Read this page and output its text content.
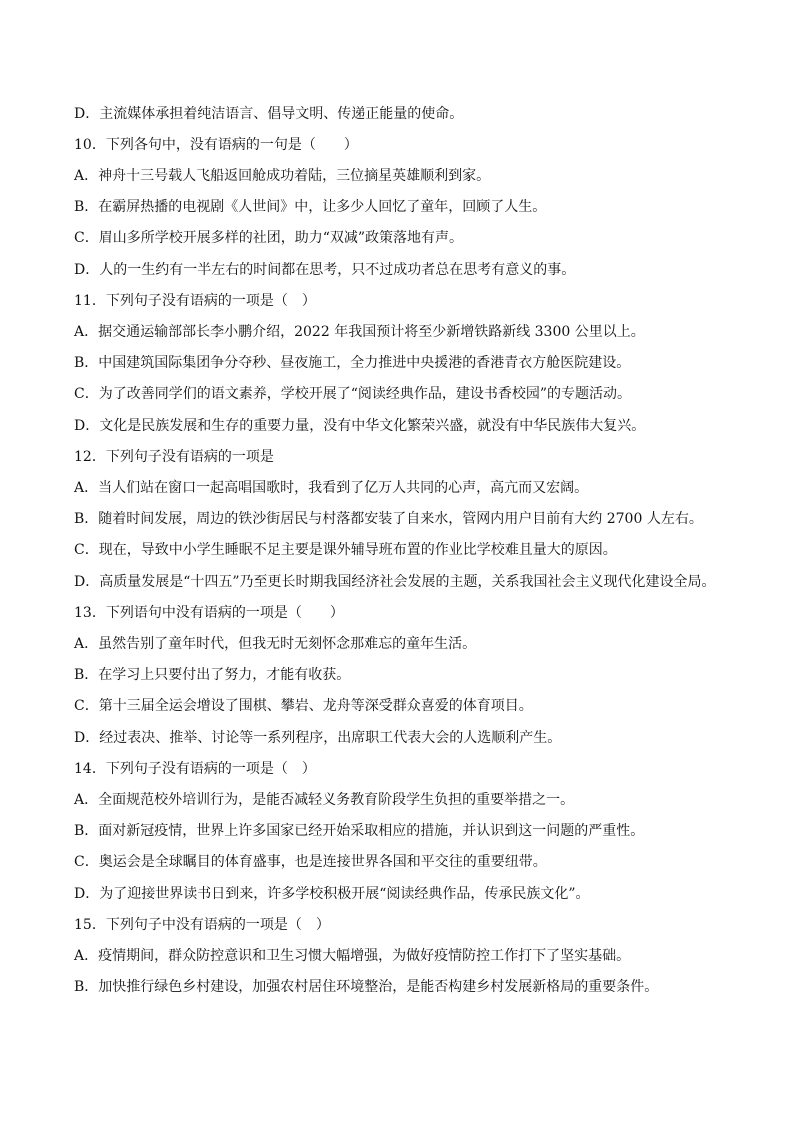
D．主流媒体承担着纯洁语言、倡导文明、传递正能量的使命。
10．下列各句中，没有语病的一句是（　　）
A．神舟十三号载人飞船返回舱成功着陆，三位摘星英雄顺利到家。
B．在霸屏热播的电视剧《人世间》中，让多少人回忆了童年，回顾了人生。
C．眉山多所学校开展多样的社团，助力“双减”政策落地有声。
D．人的一生约有一半左右的时间都在思考，只不过成功者总在思考有意义的事。
11．下列句子没有语病的一项是（　）
A．据交通运输部部长李小鹏介绍，2022 年我国预计将至少新增铁路新线 3300 公里以上。
B．中国建筑国际集团争分夺秒、昼夜施工，全力推进中央援港的香港青衣方舱医院建设。
C．为了改善同学们的语文素养，学校开展了“阅读经典作品，建设书香校园”的专题活动。
D．文化是民族发展和生存的重要力量，没有中华文化繁荣兴盛，就没有中华民族伟大复兴。
12．下列句子没有语病的一项是
A．当人们站在窗口一起高唱国歌时，我看到了亿万人共同的心声，高亢而又宏阔。
B．随着时间发展，周边的铁沙街居民与村落都安装了自来水，管网内用户目前有大约 2700 人左右。
C．现在，导致中小学生睡眠不足主要是课外辅导班布置的作业比学校难且量大的原因。
D．高质量发展是“十四五”乃至更长时期我国经济社会发展的主题，关系我国社会主义现代化建设全局。
13．下列语句中没有语病的一项是（　　）
A．虽然告别了童年时代，但我无时无刻怀念那难忘的童年生活。
B．在学习上只要付出了努力，才能有收获。
C．第十三届全运会增设了围棋、攀岩、龙舟等深受群众喜爱的体育项目。
D．经过表决、推举、讨论等一系列程序，出席职工代表大会的人选顺利产生。
14．下列句子没有语病的一项是（　）
A．全面规范校外培训行为，是能否减轻义务教育阶段学生负担的重要举措之一。
B．面对新冠疫情，世界上许多国家已经开始采取相应的措施，并认识到这一问题的严重性。
C．奥运会是全球瞩目的体育盛事，也是连接世界各国和平交往的重要纽带。
D．为了迎接世界读书日到来，许多学校积极开展“阅读经典作品，传承民族文化”。
15．下列句子中没有语病的一项是（　）
A．疫情期间，群众防控意识和卫生习惯大幅增强，为做好疫情防控工作打下了坚实基础。
B．加快推行绿色乡村建设，加强农村居住环境整治，是能否构建乡村发展新格局的重要条件。
